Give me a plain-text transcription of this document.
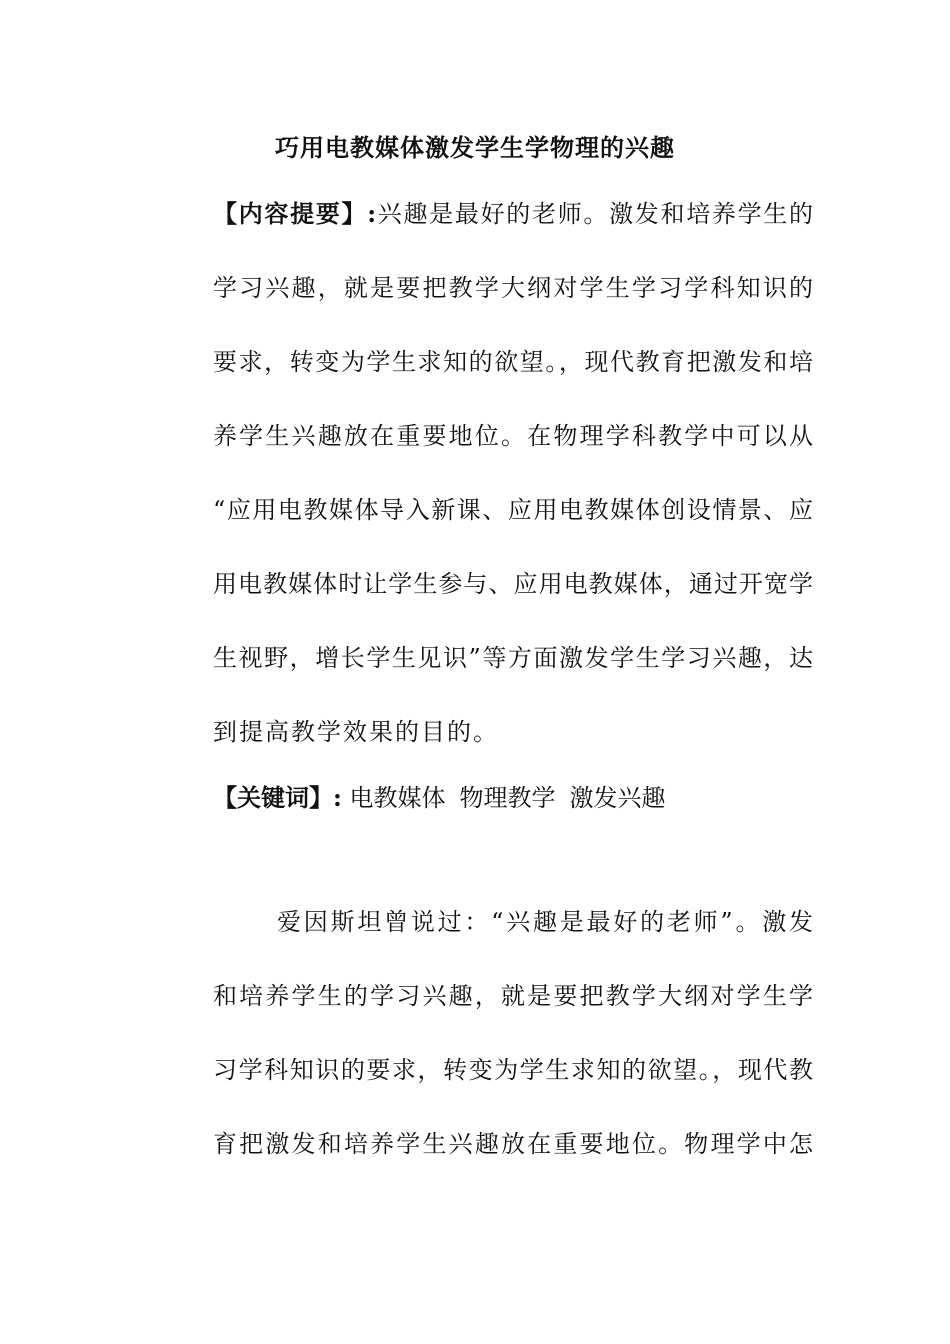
巧用电教媒体激发学生学物理的兴趣
【内容提要】:兴趣是最好的老师。激发和培养学生的
学习兴趣，就是要把教学大纲对学生学习学科知识的
要求，转变为学生求知的欲望。，现代教育把激发和培
养学生兴趣放在重要地位。在物理学科教学中可以从
“应用电教媒体导入新课、应用电教媒体创设情景、应
用电教媒体时让学生参与、应用电教媒体，通过开宽学
生视野，增长学生见识”等方面激发学生学习兴趣，达
到提高教学效果的目的。
【关键词】: 电教媒体 物理教学 激发兴趣
爱因斯坦曾说过：“兴趣是最好的老师”。激发
和培养学生的学习兴趣，就是要把教学大纲对学生学
习学科知识的要求，转变为学生求知的欲望。，现代教
育把激发和培养学生兴趣放在重要地位。物理学中怎
